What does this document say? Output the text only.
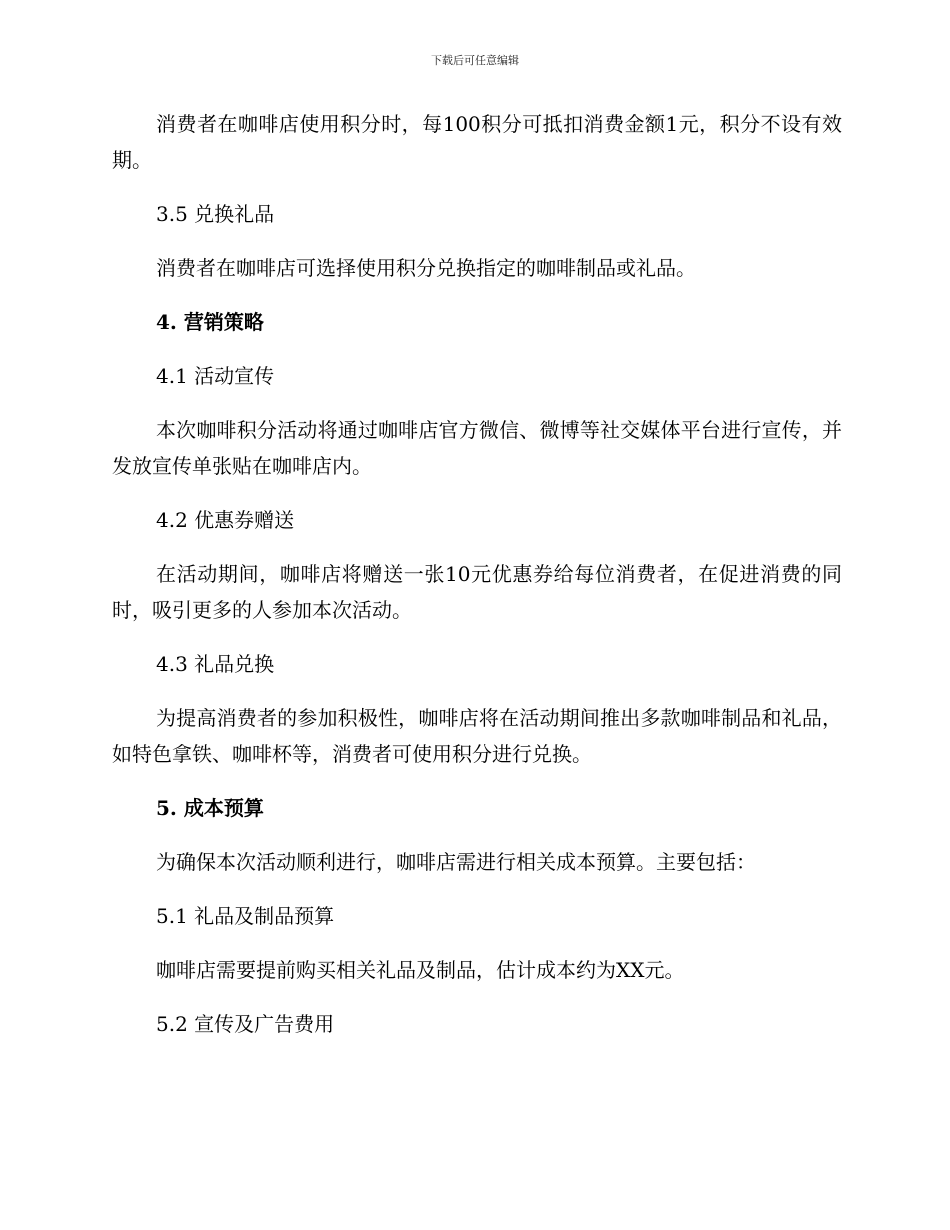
下载后可任意编辑

消费者在咖啡店使用积分时，每100积分可抵扣消费金额1元，积分不设有效期。

3.5 兑换礼品

消费者在咖啡店可选择使用积分兑换指定的咖啡制品或礼品。

4. 营销策略

4.1 活动宣传

本次咖啡积分活动将通过咖啡店官方微信、微博等社交媒体平台进行宣传，并发放宣传单张贴在咖啡店内。

4.2 优惠券赠送

在活动期间，咖啡店将赠送一张10元优惠券给每位消费者，在促进消费的同时，吸引更多的人参加本次活动。

4.3 礼品兑换

为提高消费者的参加积极性，咖啡店将在活动期间推出多款咖啡制品和礼品，如特色拿铁、咖啡杯等，消费者可使用积分进行兑换。

5. 成本预算

为确保本次活动顺利进行，咖啡店需进行相关成本预算。主要包括：

5.1 礼品及制品预算

咖啡店需要提前购买相关礼品及制品，估计成本约为XX元。

5.2 宣传及广告费用
